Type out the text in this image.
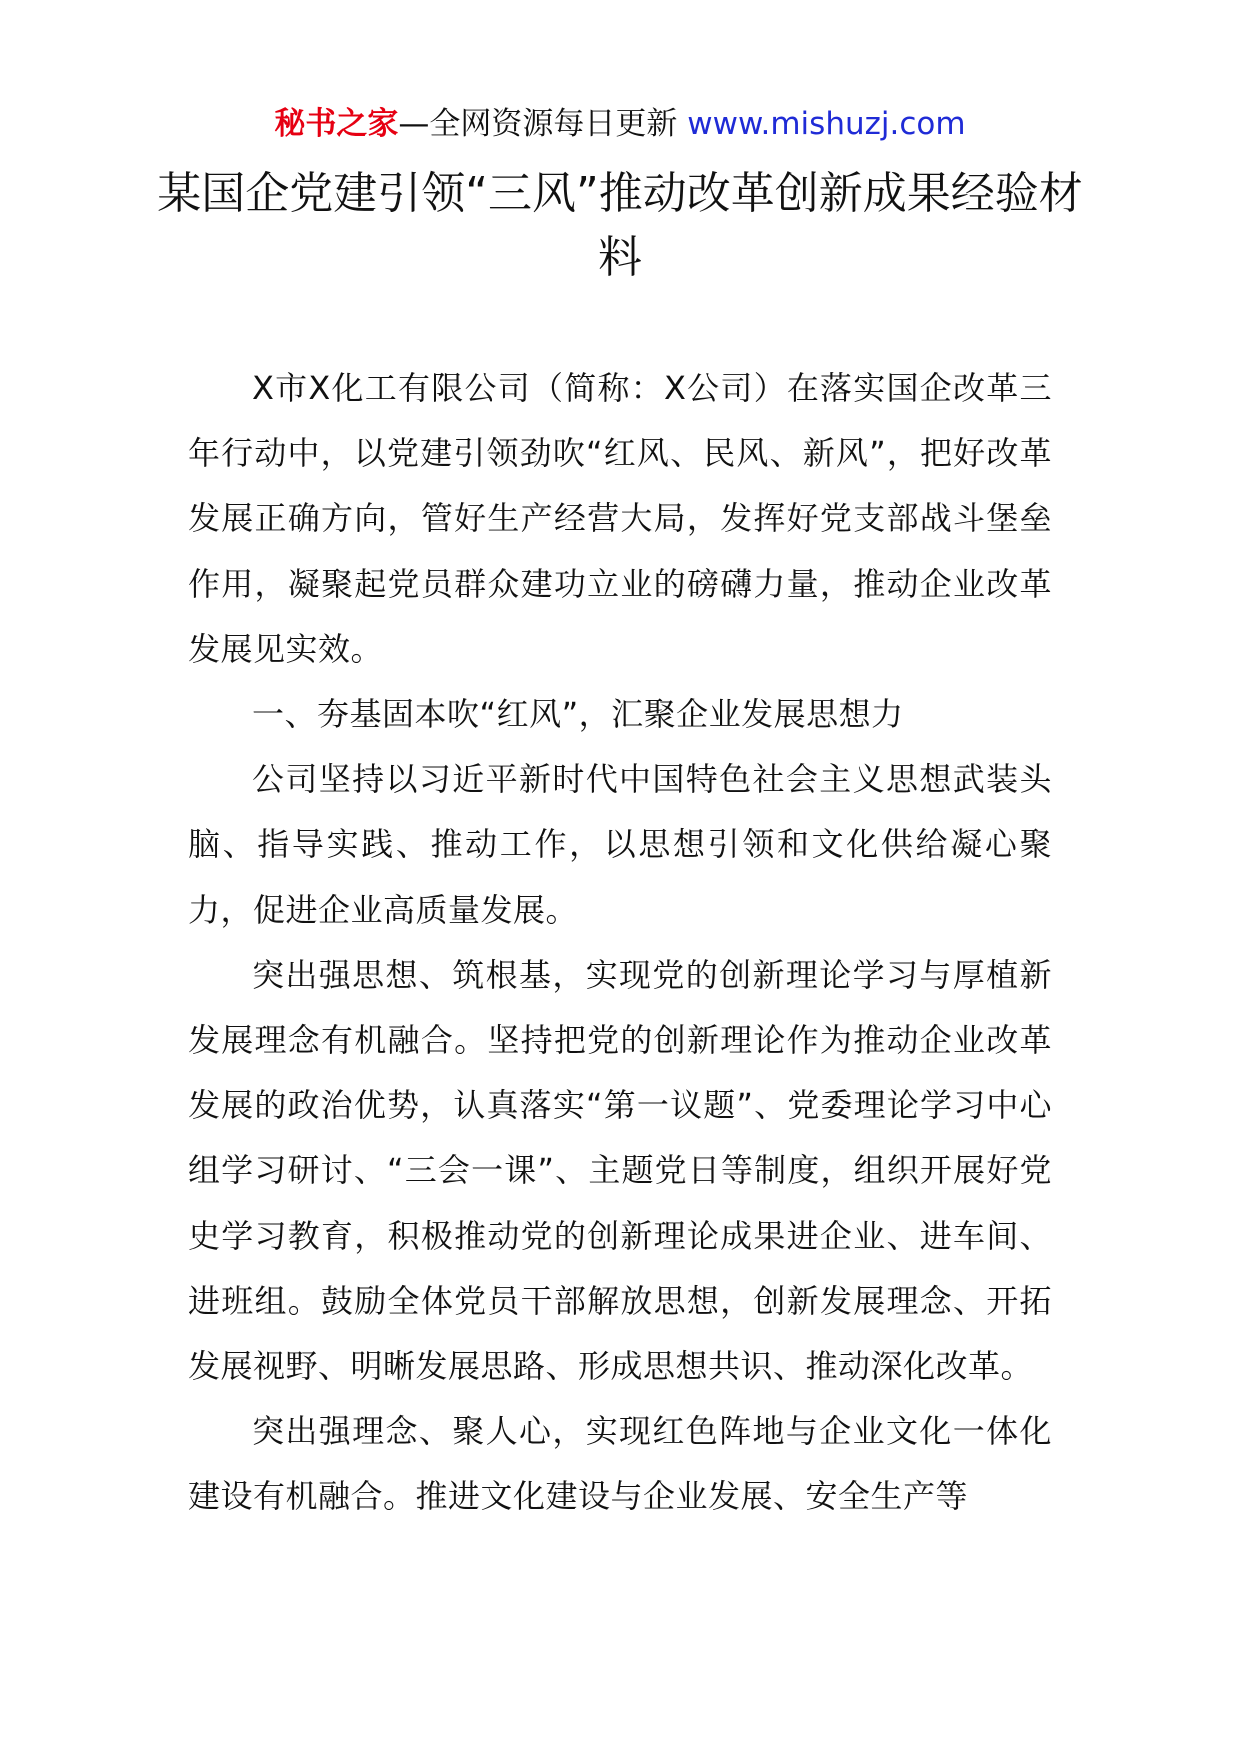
秘书之家—全网资源每日更新 www.mishuzj.com
某国企党建引领“三风”推动改革创新成果经验材料

X市X化工有限公司（简称：X公司）在落实国企改革三年行动中，以党建引领劲吹“红风、民风、新风”，把好改革发展正确方向，管好生产经营大局，发挥好党支部战斗堡垒作用，凝聚起党员群众建功立业的磅礴力量，推动企业改革发展见实效。

一、夯基固本吹“红风”，汇聚企业发展思想力

公司坚持以习近平新时代中国特色社会主义思想武装头脑、指导实践、推动工作，以思想引领和文化供给凝心聚力，促进企业高质量发展。

突出强思想、筑根基，实现党的创新理论学习与厚植新发展理念有机融合。坚持把党的创新理论作为推动企业改革发展的政治优势，认真落实“第一议题”、党委理论学习中心组学习研讨、“三会一课”、主题党日等制度，组织开展好党史学习教育，积极推动党的创新理论成果进企业、进车间、进班组。鼓励全体党员干部解放思想，创新发展理念、开拓发展视野、明晰发展思路、形成思想共识、推动深化改革。

突出强理念、聚人心，实现红色阵地与企业文化一体化建设有机融合。推进文化建设与企业发展、安全生产等
